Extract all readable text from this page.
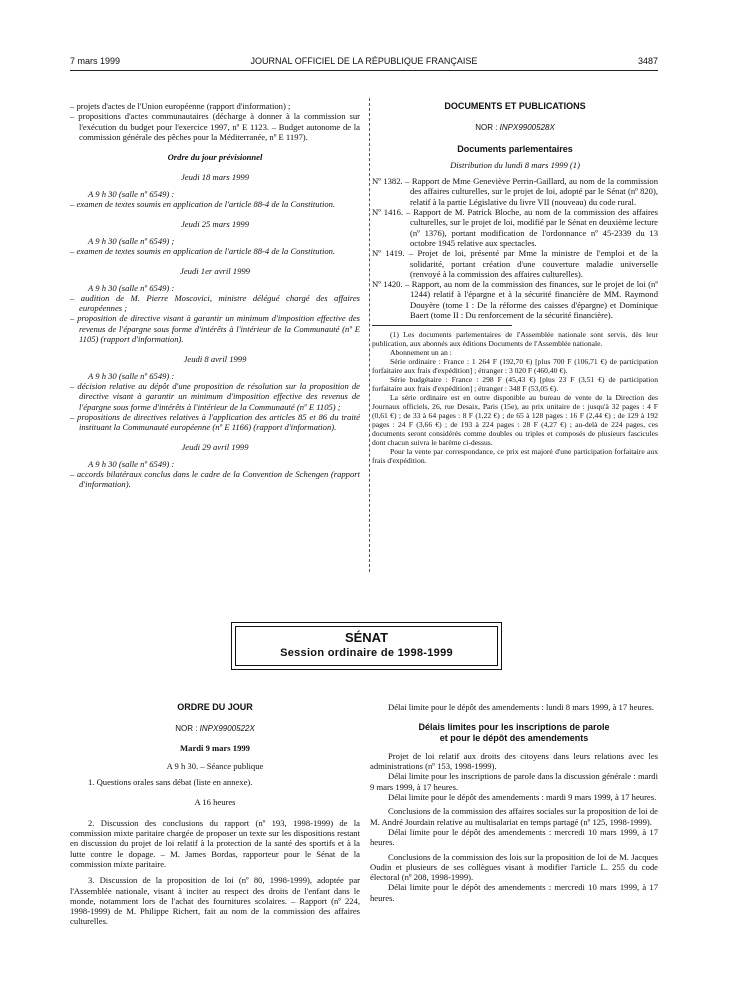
7 mars 1999	JOURNAL OFFICIEL DE LA RÉPUBLIQUE FRANÇAISE	3487

– projets d'actes de l'Union européenne (rapport d'information) ;

– propositions d'actes communautaires (décharge à donner à la commission sur l'exécution du budget pour l'exercice 1997, nº E 1123. – Budget autonome de la commission générale des pêches pour la Méditerranée, nº E 1197).

Ordre du jour prévisionnel

Jeudi 18 mars 1999

A 9 h 30 (salle nº 6549) :

– examen de textes soumis en application de l'article 88-4 de la Constitution.

Jeudi 25 mars 1999

A 9 h 30 (salle nº 6549) ;

– examen de textes soumis en application de l'article 88-4 de la Constitution.

Jeudi 1er avril 1999

A 9 h 30 (salle nº 6549) :

– audition de M. Pierre Moscovici, ministre délégué chargé des affaires européennes ;

– proposition de directive visant à garantir un minimum d'imposition effective des revenus de l'épargne sous forme d'intérêts à l'intérieur de la Communauté (nº E 1105) (rapport d'information).

Jeudi 8 avril 1999

A 9 h 30 (salle nº 6549) :

– décision relative au dépôt d'une proposition de résolution sur la proposition de directive visant à garantir un minimum d'imposition effective des revenus de l'épargne sous forme d'intérêts à l'intérieur de la Communauté (nº E 1105) ;

– propositions de directives relatives à l'application des articles 85 et 86 du traité instituant la Communauté européenne (nº E 1166) (rapport d'information).

Jeudi 29 avril 1999

A 9 h 30 (salle nº 6549) :

– accords bilatéraux conclus dans le cadre de la Convention de Schengen (rapport d'information).

DOCUMENTS ET PUBLICATIONS

NOR : INPX9900528X

Documents parlementaires

Distribution du lundi 8 mars 1999 (1)

Nº 1382. – Rapport de Mme Geneviève Perrin-Gaillard, au nom de la commission des affaires culturelles, sur le projet de loi, adopté par le Sénat (nº 820), relatif à la partie Législative du livre VII (nouveau) du code rural.

Nº 1416. – Rapport de M. Patrick Bloche, au nom de la commission des affaires culturelles, sur le projet de loi, modifié par le Sénat en deuxième lecture (nº 1376), portant modification de l'ordonnance nº 45-2339 du 13 octobre 1945 relative aux spectacles.

Nº 1419. – Projet de loi, présenté par Mme la ministre de l'emploi et de la solidarité, portant création d'une couverture maladie universelle (renvoyé à la commission des affaires culturelles).

Nº 1420. – Rapport, au nom de la commission des finances, sur le projet de loi (nº 1244) relatif à l'épargne et à la sécurité financière de MM. Raymond Douyère (tome I : De la réforme des caisses d'épargne) et Dominique Baert (tome II : Du renforcement de la sécurité financière).

(1) Les documents parlementaires de l'Assemblée nationale sont servis, dès leur publication, aux abonnés aux éditions Documents de l'Assemblée nationale.

Abonnement un an :

Série ordinaire : France : 1 264 F (192,70 €) [plus 700 F (106,71 €) de participation forfaitaire aux frais d'expédition] ; étranger : 3 020 F (460,40 €).

Série budgétaire : France : 298 F (45,43 €) [plus 23 F (3,51 €) de participation forfaitaire aux frais d'expédition] ; étranger : 348 F (53,05 €).

La série ordinaire est en outre disponible au bureau de vente de la Direction des Journaux officiels, 26, rue Desaix, Paris (15e), au prix unitaire de : jusqu'à 32 pages : 4 F (0,61 €) ; de 33 à 64 pages : 8 F (1,22 €) ; de 65 à 128 pages : 16 F (2,44 €) ; de 129 à 192 pages : 24 F (3,66 €) ; de 193 à 224 pages : 28 F (4,27 €) ; au-delà de 224 pages, ces documents seront considérés comme doubles ou triples et composés de plusieurs fascicules dont chacun suivra le barème ci-dessus.

Pour la vente par correspondance, ce prix est majoré d'une participation forfaitaire aux frais d'expédition.

SÉNAT
Session ordinaire de 1998-1999

ORDRE DU JOUR

NOR : INPX9900522X

Mardi 9 mars 1999

A 9 h 30. – Séance publique

1. Questions orales sans débat (liste en annexe).

A 16 heures

2. Discussion des conclusions du rapport (nº 193, 1998-1999) de la commission mixte paritaire chargée de proposer un texte sur les dispositions restant en discussion du projet de loi relatif à la protection de la santé des sportifs et à la lutte contre le dopage. – M. James Bordas, rapporteur pour le Sénat de la commission mixte paritaire.

3. Discussion de la proposition de loi (nº 80, 1998-1999), adoptée par l'Assemblée nationale, visant à inciter au respect des droits de l'enfant dans le monde, notamment lors de l'achat des fournitures scolaires. – Rapport (nº 224, 1998-1999) de M. Philippe Richert, fait au nom de la commission des affaires culturelles.

Délai limite pour le dépôt des amendements : lundi 8 mars 1999, à 17 heures.

Délais limites pour les inscriptions de parole

et pour le dépôt des amendements

Projet de loi relatif aux droits des citoyens dans leurs relations avec les administrations (nº 153, 1998-1999).

Délai limite pour les inscriptions de parole dans la discussion générale : mardi 9 mars 1999, à 17 heures.

Délai limite pour le dépôt des amendements : mardi 9 mars 1999, à 17 heures.

Conclusions de la commission des affaires sociales sur la proposition de loi de M. André Jourdain relative au multisalariat en temps partagé (nº 125, 1998-1999).

Délai limite pour le dépôt des amendements : mercredi 10 mars 1999, à 17 heures.

Conclusions de la commission des lois sur la proposition de loi de M. Jacques Oudin et plusieurs de ses collègues visant à modifier l'article L. 255 du code électoral (nº 208, 1998-1999).

Délai limite pour le dépôt des amendements : mercredi 10 mars 1999, à 17 heures.
